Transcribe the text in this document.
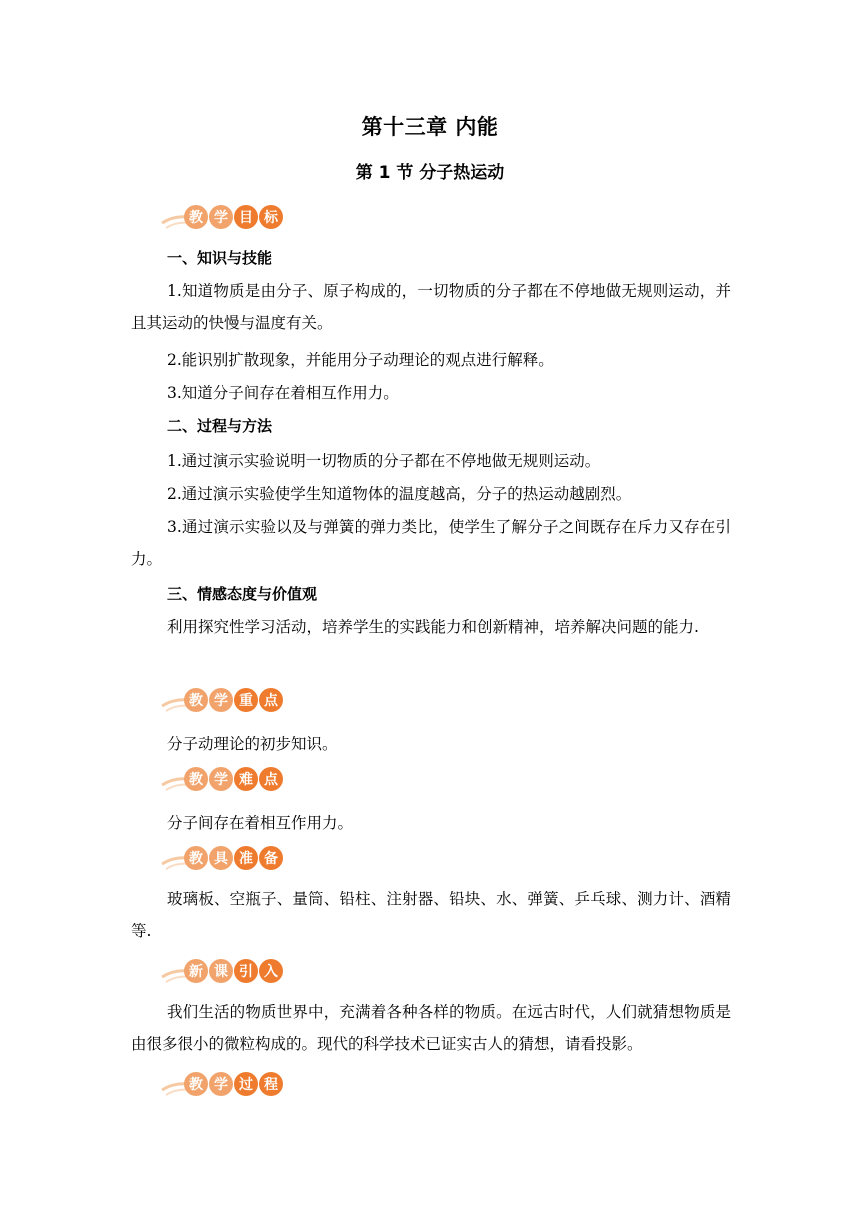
第十三章 内能
第 1 节 分子热运动
教 学 目 标
一、知识与技能
1.知道物质是由分子、原子构成的，一切物质的分子都在不停地做无规则运动，并且其运动的快慢与温度有关。
2.能识别扩散现象，并能用分子动理论的观点进行解释。
3.知道分子间存在着相互作用力。
二、过程与方法
1.通过演示实验说明一切物质的分子都在不停地做无规则运动。
2.通过演示实验使学生知道物体的温度越高，分子的热运动越剧烈。
3.通过演示实验以及与弹簧的弹力类比，使学生了解分子之间既存在斥力又存在引力。
三、情感态度与价值观
利用探究性学习活动，培养学生的实践能力和创新精神，培养解决问题的能力.
教 学 重 点
分子动理论的初步知识。
教 学 难 点
分子间存在着相互作用力。
教 具 准 备
玻璃板、空瓶子、量筒、铅柱、注射器、铅块、水、弹簧、乒乓球、测力计、酒精等.
新 课 引 入
我们生活的物质世界中，充满着各种各样的物质。在远古时代，人们就猜想物质是由很多很小的微粒构成的。现代的科学技术已证实古人的猜想，请看投影。
教 学 过 程
